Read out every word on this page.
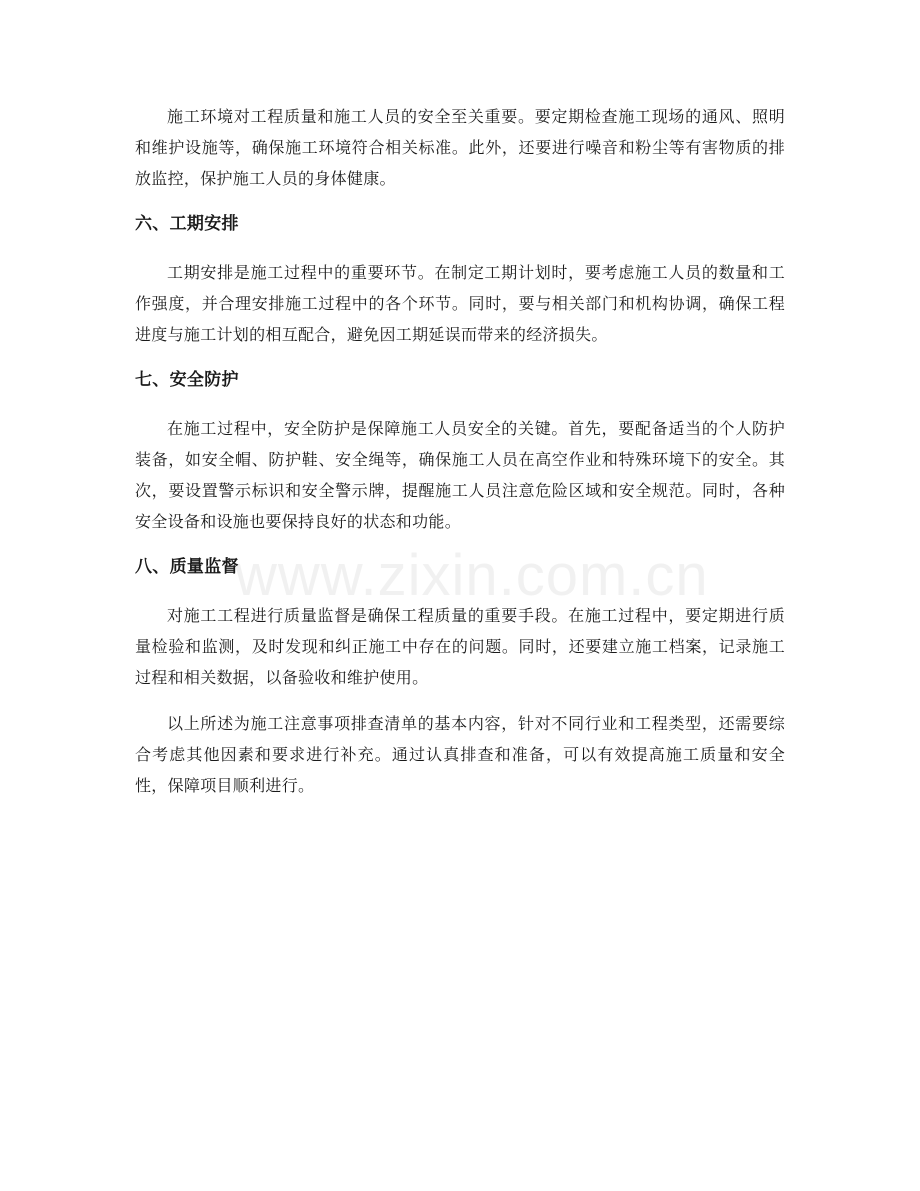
施工环境对工程质量和施工人员的安全至关重要。要定期检查施工现场的通风、照明和维护设施等，确保施工环境符合相关标准。此外，还要进行噪音和粉尘等有害物质的排放监控，保护施工人员的身体健康。

六、工期安排

工期安排是施工过程中的重要环节。在制定工期计划时，要考虑施工人员的数量和工作强度，并合理安排施工过程中的各个环节。同时，要与相关部门和机构协调，确保工程进度与施工计划的相互配合，避免因工期延误而带来的经济损失。

七、安全防护

在施工过程中，安全防护是保障施工人员安全的关键。首先，要配备适当的个人防护装备，如安全帽、防护鞋、安全绳等，确保施工人员在高空作业和特殊环境下的安全。其次，要设置警示标识和安全警示牌，提醒施工人员注意危险区域和安全规范。同时，各种安全设备和设施也要保持良好的状态和功能。

八、质量监督

对施工工程进行质量监督是确保工程质量的重要手段。在施工过程中，要定期进行质量检验和监测，及时发现和纠正施工中存在的问题。同时，还要建立施工档案，记录施工过程和相关数据，以备验收和维护使用。

以上所述为施工注意事项排查清单的基本内容，针对不同行业和工程类型，还需要综合考虑其他因素和要求进行补充。通过认真排查和准备，可以有效提高施工质量和安全性，保障项目顺利进行。

www.zixin.com.cn
